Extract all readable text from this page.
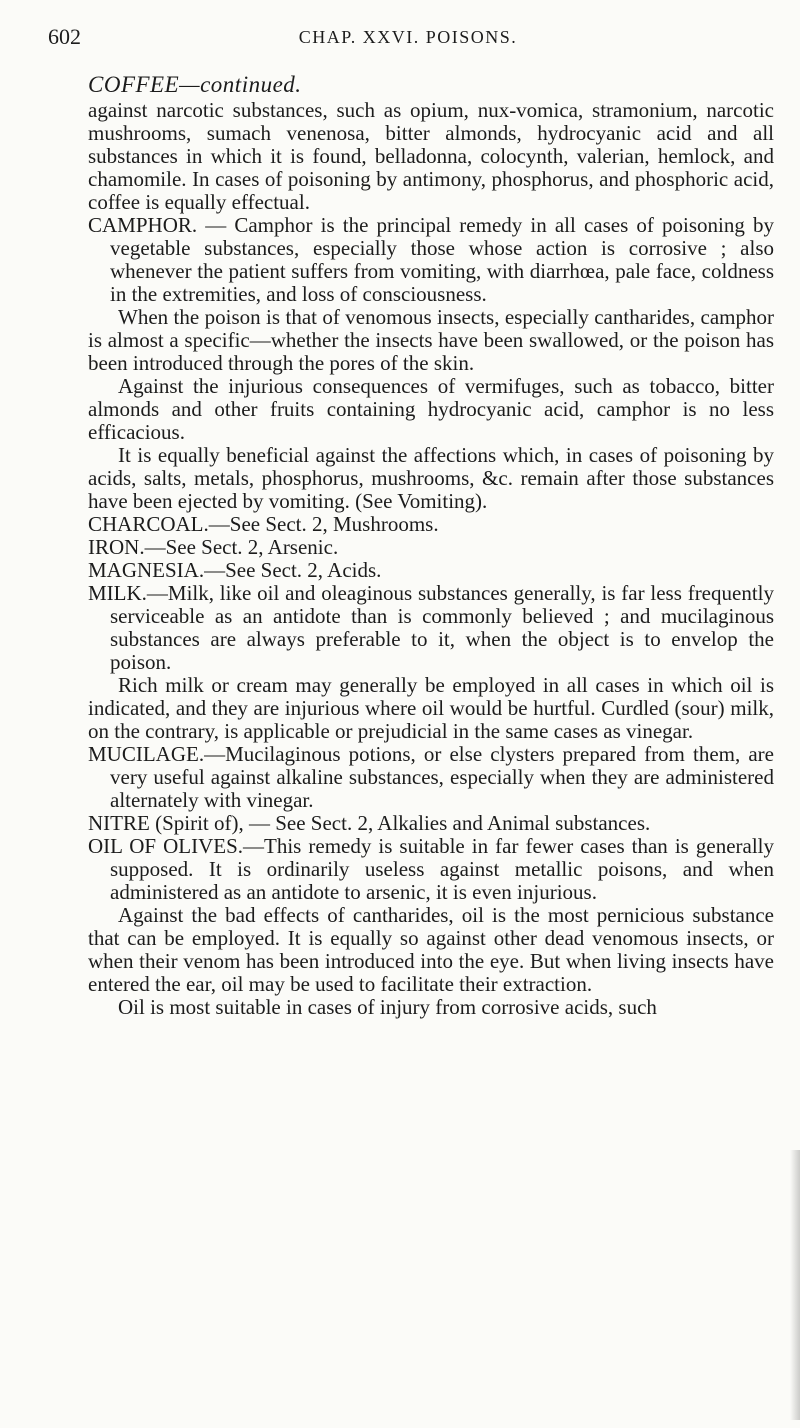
602	CHAP. XXVI. POISONS.

COFFEE—continued.

against narcotic substances, such as opium, nux-vomica, stramonium, narcotic mushrooms, sumach venenosa, bitter almonds, hydrocyanic acid and all substances in which it is found, belladonna, colocynth, valerian, hemlock, and chamomile. In cases of poisoning by antimony, phosphorus, and phosphoric acid, coffee is equally effectual.

CAMPHOR. — Camphor is the principal remedy in all cases of poisoning by vegetable substances, especially those whose action is corrosive ; also whenever the patient suffers from vomiting, with diarrhœa, pale face, coldness in the extremities, and loss of consciousness.

When the poison is that of venomous insects, especially cantharides, camphor is almost a specific—whether the insects have been swallowed, or the poison has been introduced through the pores of the skin.

Against the injurious consequences of vermifuges, such as tobacco, bitter almonds and other fruits containing hydrocyanic acid, camphor is no less efficacious.

It is equally beneficial against the affections which, in cases of poisoning by acids, salts, metals, phosphorus, mushrooms, &c. remain after those substances have been ejected by vomiting. (See Vomiting).

CHARCOAL.—See Sect. 2, Mushrooms.

IRON.—See Sect. 2, Arsenic.

MAGNESIA.—See Sect. 2, Acids.

MILK.—Milk, like oil and oleaginous substances generally, is far less frequently serviceable as an antidote than is commonly believed ; and mucilaginous substances are always preferable to it, when the object is to envelop the poison.

Rich milk or cream may generally be employed in all cases in which oil is indicated, and they are injurious where oil would be hurtful. Curdled (sour) milk, on the contrary, is applicable or prejudicial in the same cases as vinegar.

MUCILAGE.—Mucilaginous potions, or else clysters prepared from them, are very useful against alkaline substances, especially when they are administered alternately with vinegar.

NITRE (Spirit of), — See Sect. 2, Alkalies and Animal substances.

OIL OF OLIVES.—This remedy is suitable in far fewer cases than is generally supposed. It is ordinarily useless against metallic poisons, and when administered as an antidote to arsenic, it is even injurious.

Against the bad effects of cantharides, oil is the most pernicious substance that can be employed. It is equally so against other dead venomous insects, or when their venom has been introduced into the eye. But when living insects have entered the ear, oil may be used to facilitate their extraction.

Oil is most suitable in cases of injury from corrosive acids, such
